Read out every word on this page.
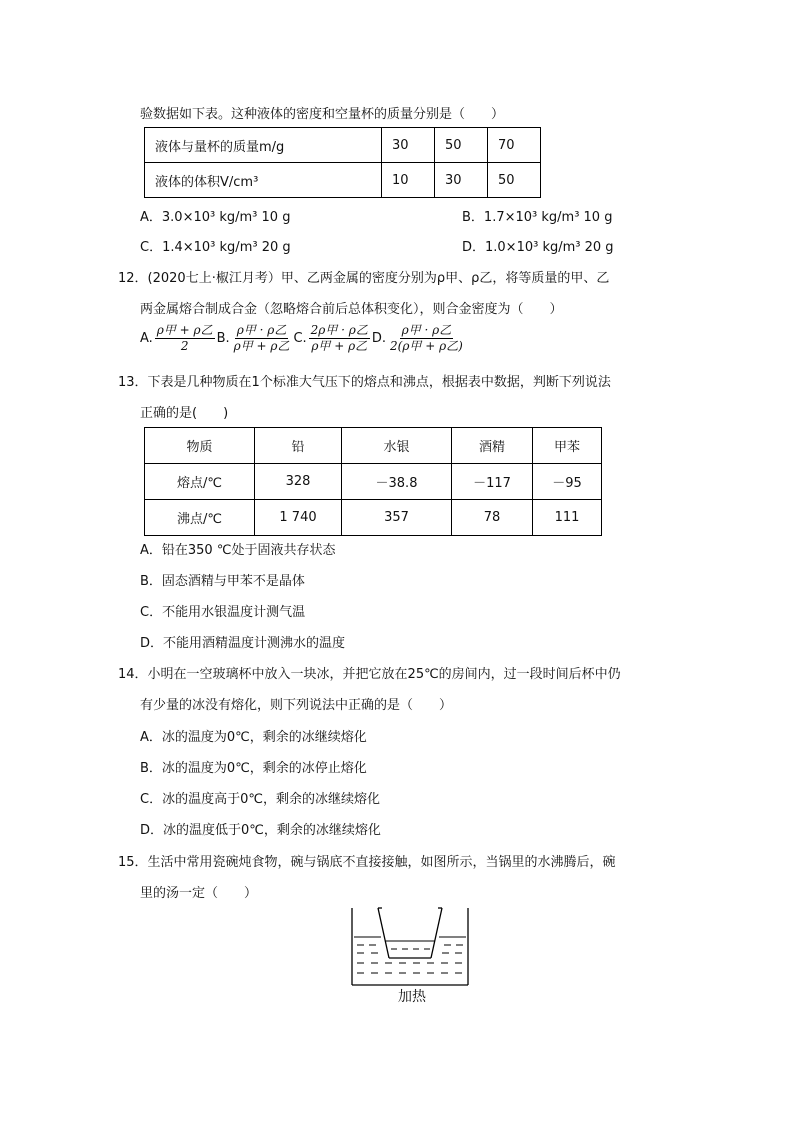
验数据如下表。这种液体的密度和空量杯的质量分别是（　　）
液体与量杯的质量m/g	30	50	70
液体的体积V/cm³	10	30	50
A．3.0×10³ kg/m³ 10 g	B．1.7×10³ kg/m³ 10 g
C．1.4×10³ kg/m³ 20 g	D．1.0×10³ kg/m³ 20 g
12．(2020七上·椒江月考）甲、乙两金属的密度分别为ρ甲、ρ乙，将等质量的甲、乙
两金属熔合制成合金（忽略熔合前后总体积变化），则合金密度为（　　）
A. $\frac{\text{ρ甲 + ρ乙}}{2} B$. $\frac{\text{ρ甲 · ρ乙}}{\text{ρ甲 + ρ乙}} C$. $\frac{\text{2ρ甲 · ρ乙}}{\text{ρ甲 + ρ乙}} D$. $\frac{\text{ρ甲 · ρ乙}}{\text{2(ρ甲 + ρ乙)}}$
13．下表是几种物质在1个标准大气压下的熔点和沸点，根据表中数据，判断下列说法
正确的是(　　)
物质	铅	水银	酒精	甲苯
熔点/℃	328	－38.8	－117	－95
沸点/℃	1 740	357	78	111
A．铅在350 ℃处于固液共存状态
B．固态酒精与甲苯不是晶体
C．不能用水银温度计测气温
D．不能用酒精温度计测沸水的温度
14．小明在一空玻璃杯中放入一块冰，并把它放在25℃的房间内，过一段时间后杯中仍
有少量的冰没有熔化，则下列说法中正确的是（　　）
A．冰的温度为0℃，剩余的冰继续熔化
B．冰的温度为0℃，剩余的冰停止熔化
C．冰的温度高于0℃，剩余的冰继续熔化
D．冰的温度低于0℃，剩余的冰继续熔化
15．生活中常用瓷碗炖食物，碗与锅底不直接接触，如图所示，当锅里的水沸腾后，碗
里的汤一定（　　）
加热
